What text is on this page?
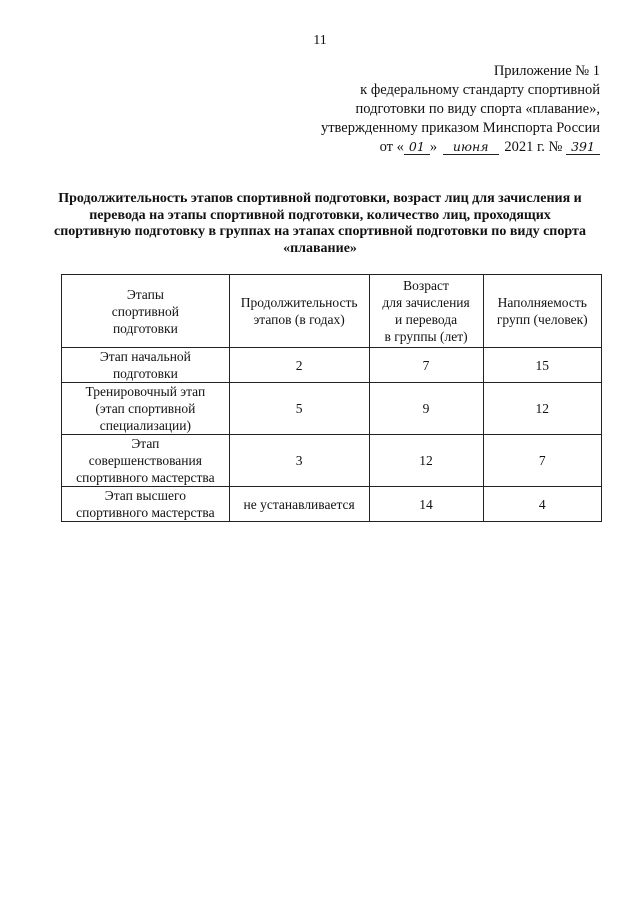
11
Приложение № 1
к федеральному стандарту спортивной
подготовки по виду спорта «плавание»,
утвержденному приказом Минспорта России
от « 01 » июня 2021 г. № 391
Продолжительность этапов спортивной подготовки, возраст лиц для зачисления и перевода на этапы спортивной подготовки, количество лиц, проходящих спортивную подготовку в группах на этапах спортивной подготовки по виду спорта «плавание»
Этапы
спортивной
подготовки	Продолжительность
этапов (в годах)	Возраст
для зачисления
и перевода
в группы (лет)	Наполняемость
групп (человек)
Этап начальной
подготовки	2	7	15
Тренировочный этап
(этап спортивной
специализации)	5	9	12
Этап
совершенствования
спортивного мастерства	3	12	7
Этап высшего
спортивного мастерства	не устанавливается	14	4
